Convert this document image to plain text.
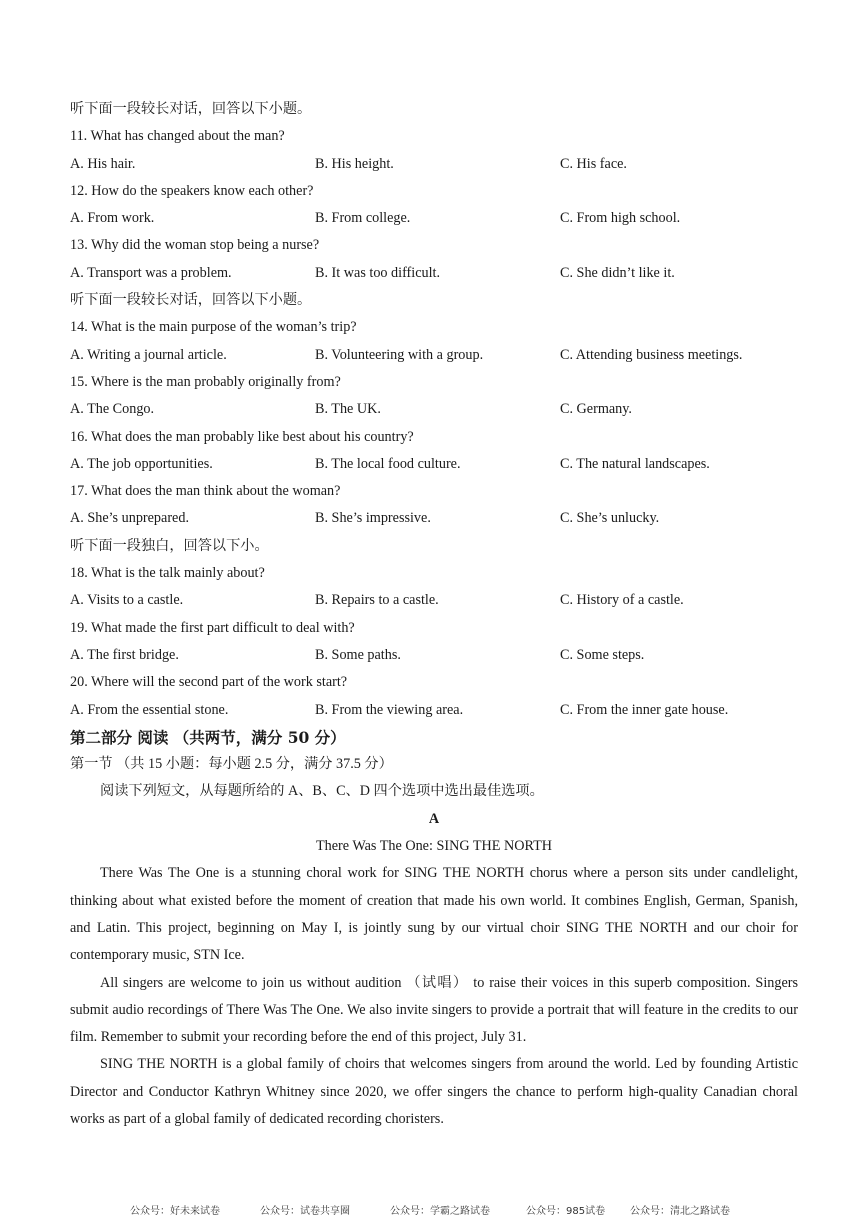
听下面一段较长对话，回答以下小题。
11. What has changed about the man?
A. His hair.	B. His height.	C. His face.
12. How do the speakers know each other?
A. From work.	B. From college.	C. From high school.
13. Why did the woman stop being a nurse?
A. Transport was a problem.	B. It was too difficult.	C. She didn’t like it.
听下面一段较长对话，回答以下小题。
14. What is the main purpose of the woman’s trip?
A. Writing a journal article.	B. Volunteering with a group.	C. Attending business meetings.
15. Where is the man probably originally from?
A. The Congo.	B. The UK.	C. Germany.
16. What does the man probably like best about his country?
A. The job opportunities.	B. The local food culture.	C. The natural landscapes.
17. What does the man think about the woman?
A. She’s unprepared.	B. She’s impressive.	C. She’s unlucky.
听下面一段独白，回答以下小。
18. What is the talk mainly about?
A. Visits to a castle.	B. Repairs to a castle.	C. History of a castle.
19. What made the first part difficult to deal with?
A. The first bridge.	B. Some paths.	C. Some steps.
20. Where will the second part of the work start?
A. From the essential stone.	B. From the viewing area.	C. From the inner gate house.
第二部分 阅读 （共两节，满分 50 分）
第一节 （共 15 小题：每小题 2.5 分，满分 37.5 分）
阅读下列短文，从每题所给的 A、B、C、D 四个选项中选出最佳选项。
A
There Was The One: SING THE NORTH
There Was The One is a stunning choral work for SING THE NORTH chorus where a person sits under candlelight, thinking about what existed before the moment of creation that made his own world. It combines English, German, Spanish, and Latin. This project, beginning on May I, is jointly sung by our virtual choir SING THE NORTH and our choir for contemporary music, STN Ice.
All singers are welcome to join us without audition （试唱） to raise their voices in this superb composition. Singers submit audio recordings of There Was The One. We also invite singers to provide a portrait that will feature in the credits to our film. Remember to submit your recording before the end of this project, July 31.
SING THE NORTH is a global family of choirs that welcomes singers from around the world. Led by founding Artistic Director and Conductor Kathryn Whitney since 2020, we offer singers the chance to perform high-quality Canadian choral works as part of a global family of dedicated recording choristers.
公众号：好未来试卷	公众号：试卷共享圈	公众号：学霸之路试卷	公众号：985试卷 公众号：清北之路试卷
